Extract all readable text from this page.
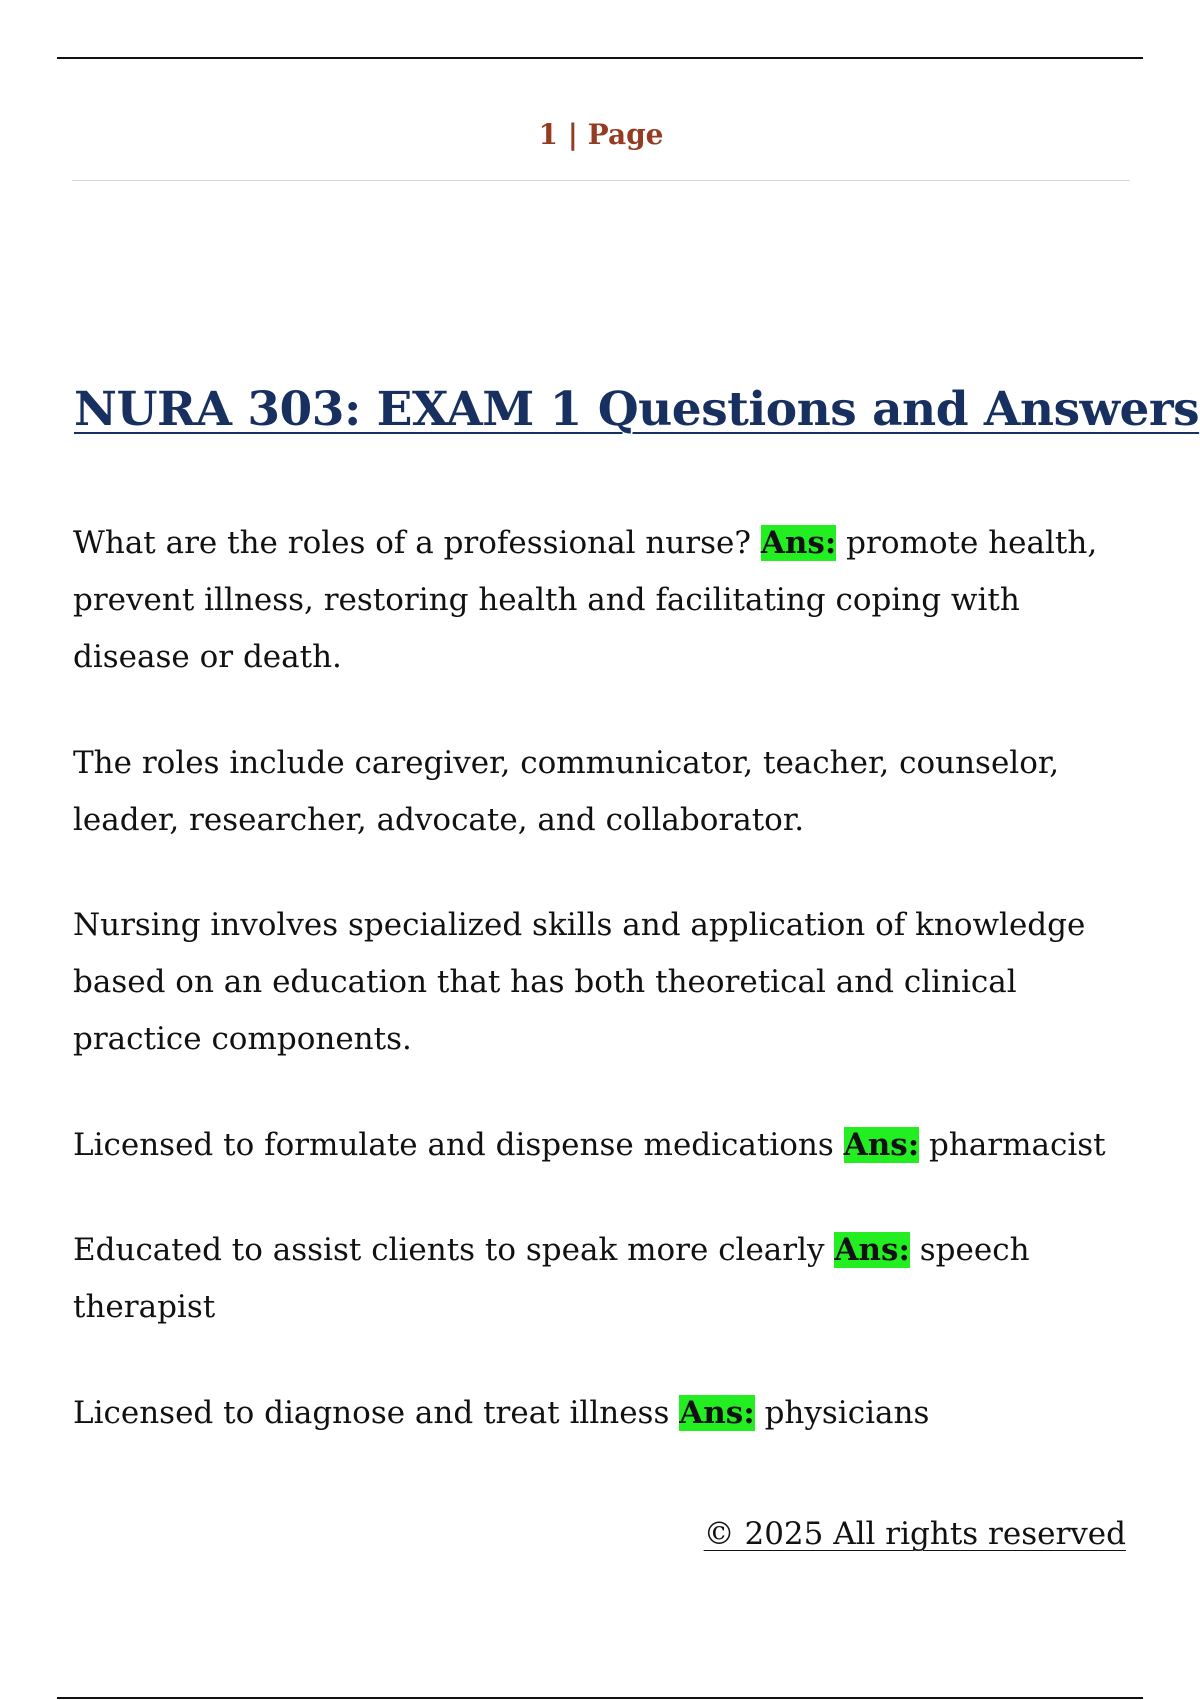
1 | Page
NURA 303: EXAM 1 Questions and Answers

What are the roles of a professional nurse? Ans: promote health, prevent illness, restoring health and facilitating coping with disease or death.

The roles include caregiver, communicator, teacher, counselor, leader, researcher, advocate, and collaborator.

Nursing involves specialized skills and application of knowledge based on an education that has both theoretical and clinical practice components.

Licensed to formulate and dispense medications Ans: pharmacist

Educated to assist clients to speak more clearly Ans: speech therapist

Licensed to diagnose and treat illness Ans: physicians

© 2025 All rights reserved
